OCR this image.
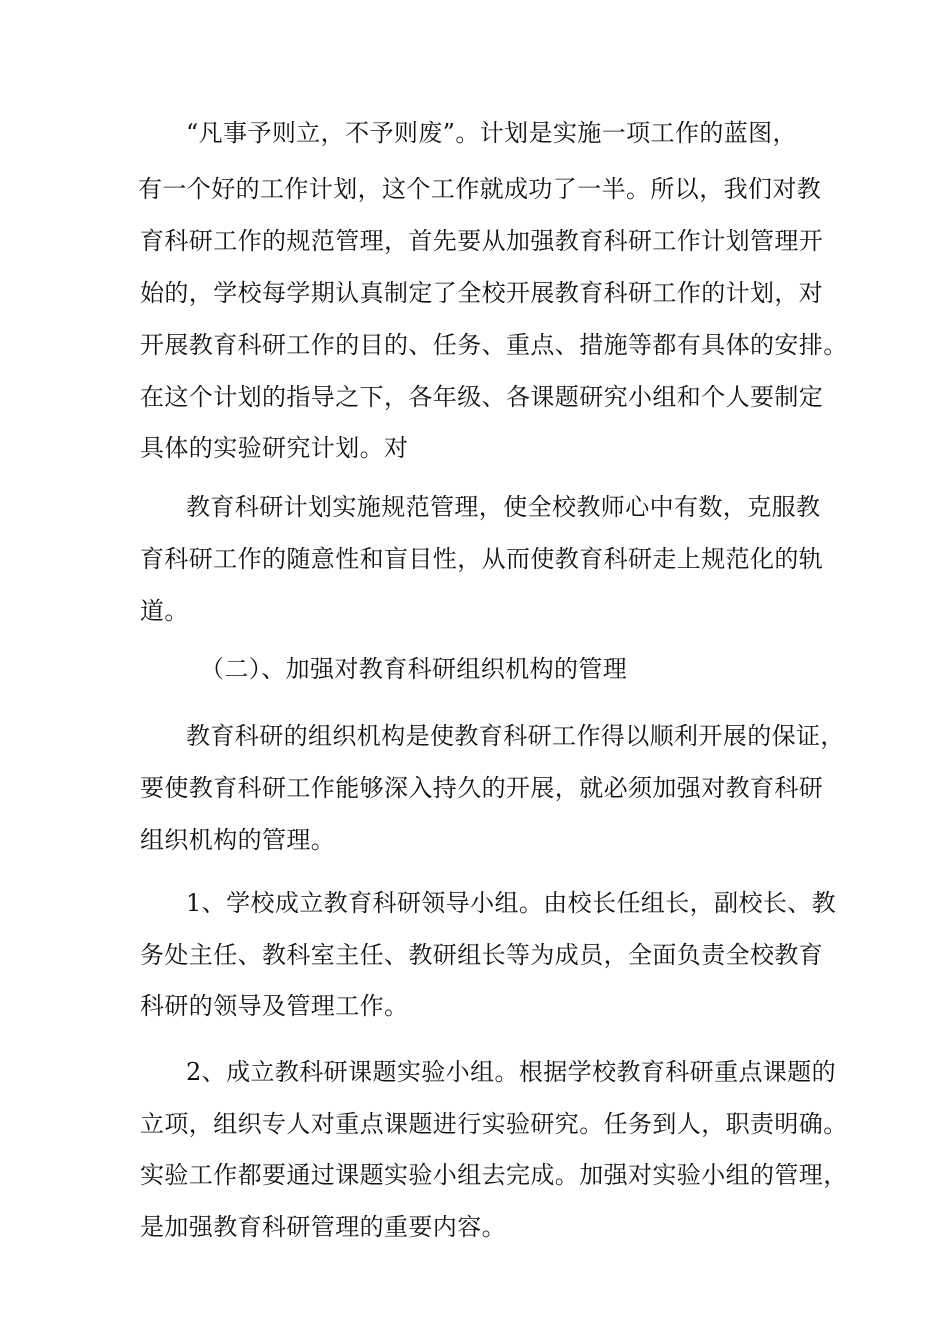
“凡事予则立，不予则废”。计划是实施一项工作的蓝图，
有一个好的工作计划，这个工作就成功了一半。所以，我们对教
育科研工作的规范管理，首先要从加强教育科研工作计划管理开
始的，学校每学期认真制定了全校开展教育科研工作的计划，对
开展教育科研工作的目的、任务、重点、措施等都有具体的安排。
在这个计划的指导之下，各年级、各课题研究小组和个人要制定
具体的实验研究计划。对
教育科研计划实施规范管理，使全校教师心中有数，克服教
育科研工作的随意性和盲目性，从而使教育科研走上规范化的轨
道。
（二）、加强对教育科研组织机构的管理
教育科研的组织机构是使教育科研工作得以顺利开展的保证，
要使教育科研工作能够深入持久的开展，就必须加强对教育科研
组织机构的管理。
1、学校成立教育科研领导小组。由校长任组长，副校长、教
务处主任、教科室主任、教研组长等为成员，全面负责全校教育
科研的领导及管理工作。
2、成立教科研课题实验小组。根据学校教育科研重点课题的
立项，组织专人对重点课题进行实验研究。任务到人，职责明确。
实验工作都要通过课题实验小组去完成。加强对实验小组的管理，
是加强教育科研管理的重要内容。
